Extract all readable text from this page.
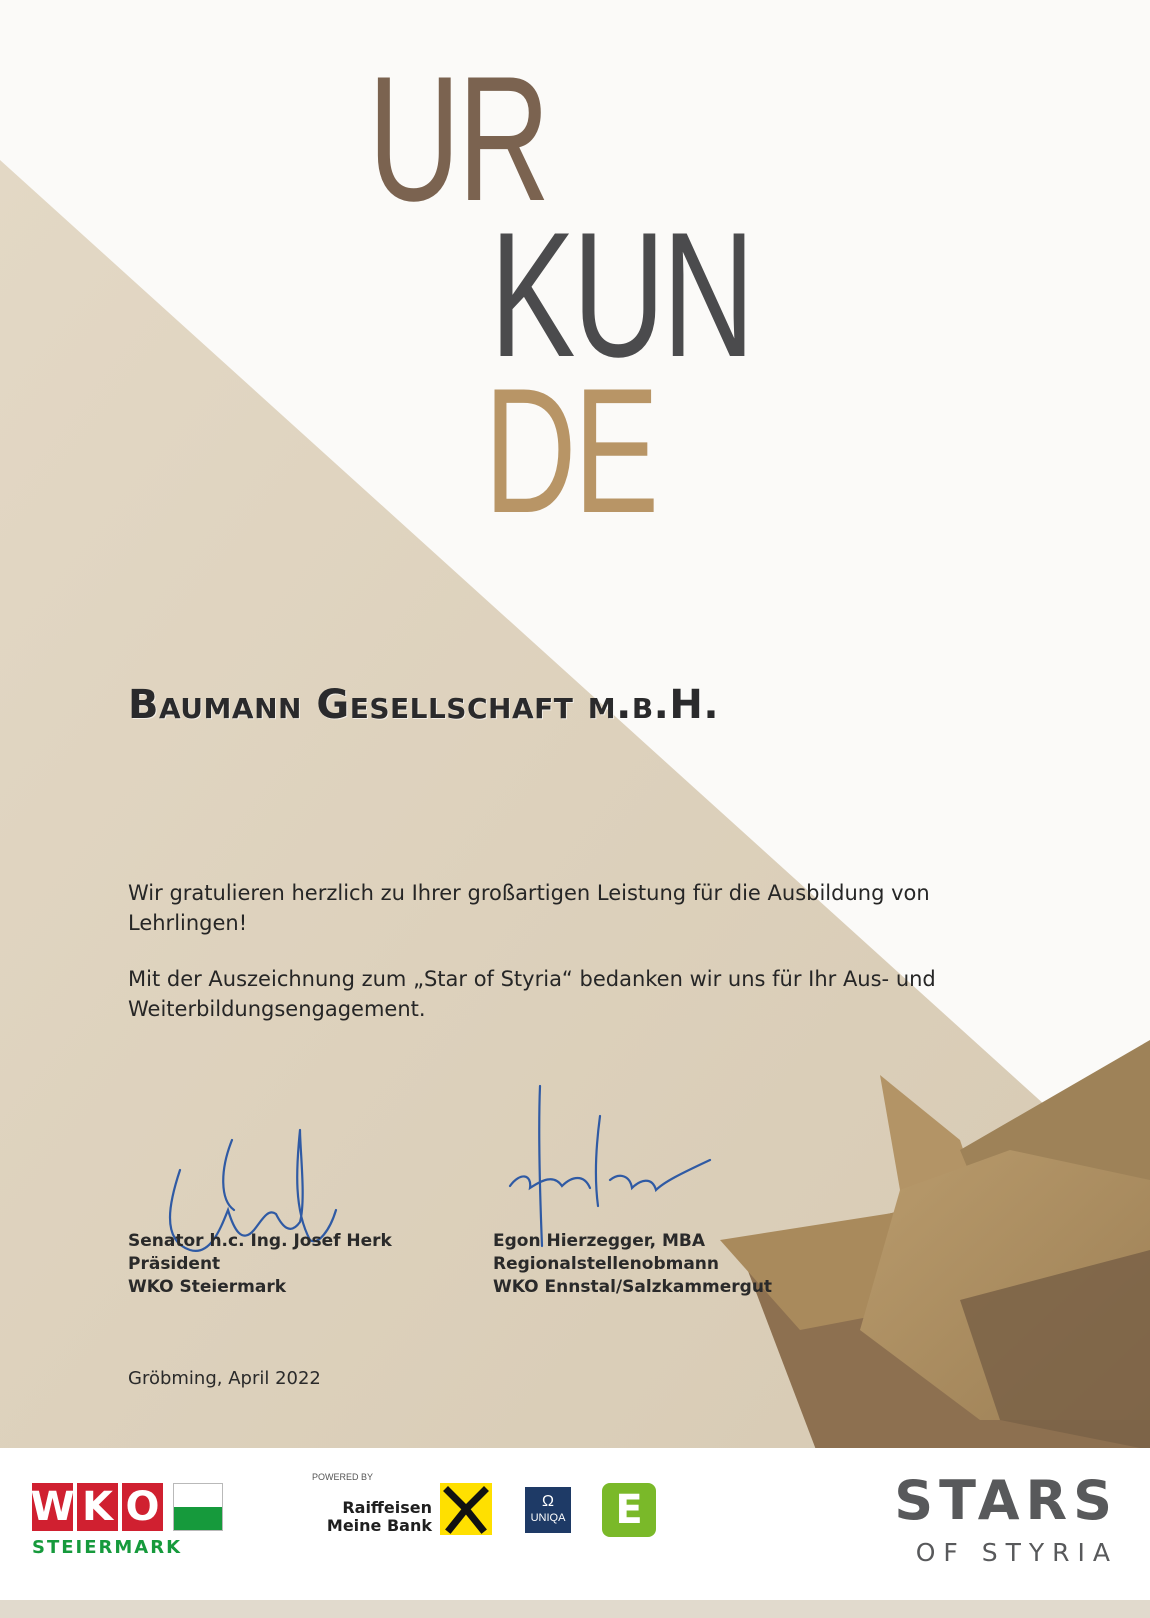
UR
KUN
DE
Baumann Gesellschaft m.b.H.
Wir gratulieren herzlich zu Ihrer großartigen Leistung für die Ausbildung von Lehrlingen!
Mit der Auszeichnung zum „Star of Styria“ bedanken wir uns für Ihr Aus- und Weiterbildungsengagement.
Senator h.c. Ing. Josef Herk
Präsident
WKO Steiermark
Egon Hierzegger, MBA
Regionalstellenobmann
WKO Ennstal/Salzkammergut
Gröbming, April 2022
W K O
STEIERMARK
POWERED BY
Raiffeisen
Meine Bank
Ω
UNIQA	E	STARS
OF STYRIA
